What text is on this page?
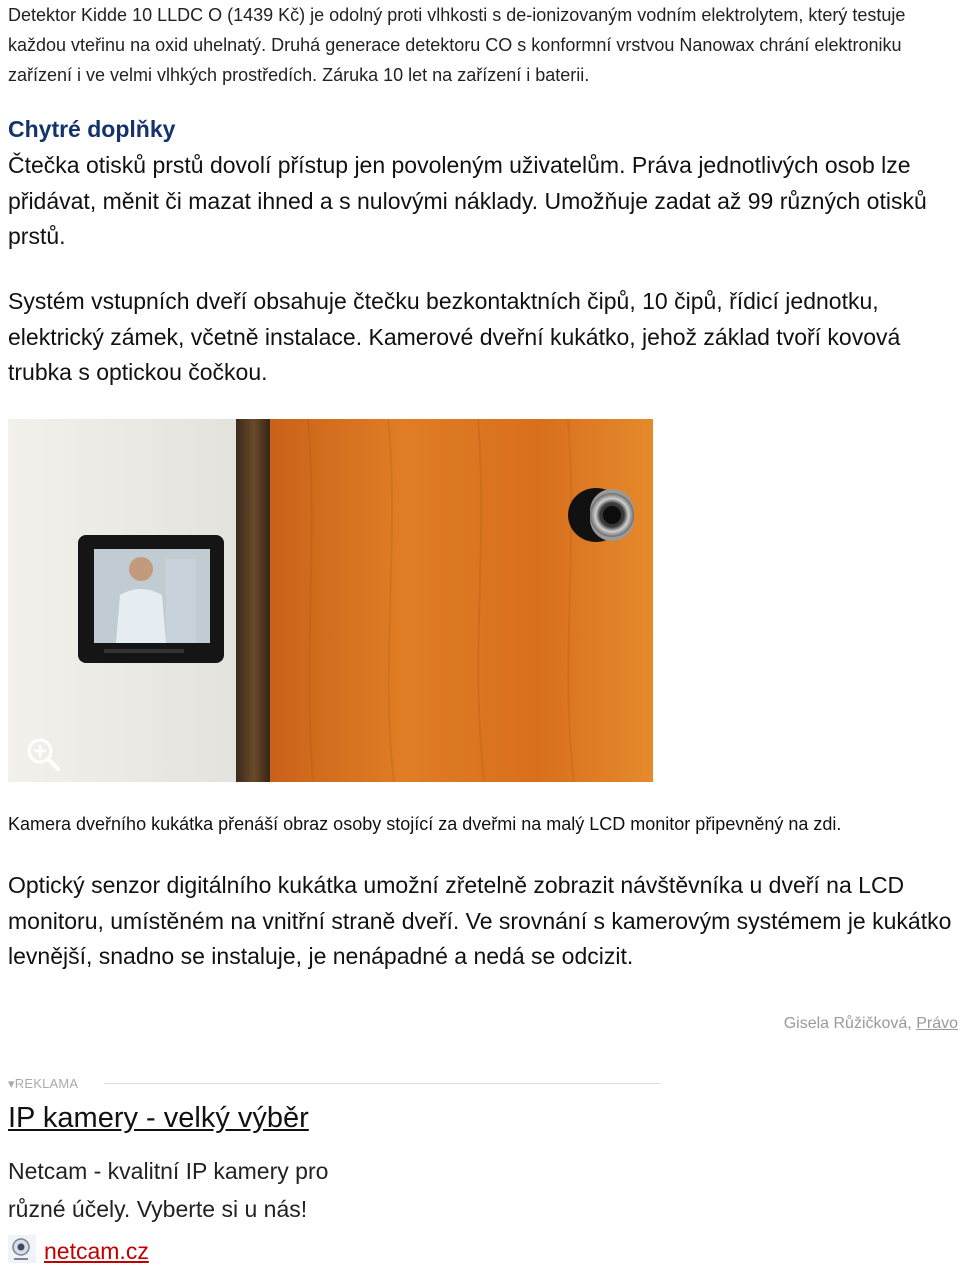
Detektor Kidde 10 LLDC O (1439 Kč) je odolný proti vlhkosti s de-ionizovaným vodním elektrolytem, který testuje každou vteřinu na oxid uhelnatý. Druhá generace detektoru CO s konformní vrstvou Nanowax chrání elektroniku zařízení i ve velmi vlhkých prostředích. Záruka 10 let na zařízení i baterii.

Chytré doplňky

Čtečka otisků prstů dovolí přístup jen povoleným uživatelům. Práva jednotlivých osob lze přidávat, měnit či mazat ihned a s nulovými náklady. Umožňuje zadat až 99 různých otisků prstů.

Systém vstupních dveří obsahuje čtečku bezkontaktních čipů, 10 čipů, řídicí jednotku, elektrický zámek, včetně instalace. Kamerové dveřní kukátko, jehož základ tvoří kovová trubka s optickou čočkou.

Kamera dveřního kukátka přenáší obraz osoby stojící za dveřmi na malý LCD monitor připevněný na zdi.

Optický senzor digitálního kukátka umožní zřetelně zobrazit návštěvníka u dveří na LCD monitoru, umístěném na vnitřní straně dveří. Ve srovnání s kamerovým systémem je kukátko levnější, snadno se instaluje, je nenápadné a nedá se odcizit.

Gisela Růžičková, Právo
▾REKLAMA
IP kamery - velký výběr

Netcam - kvalitní IP kamery pro různé účely. Vyberte si u nás!

netcam.cz
